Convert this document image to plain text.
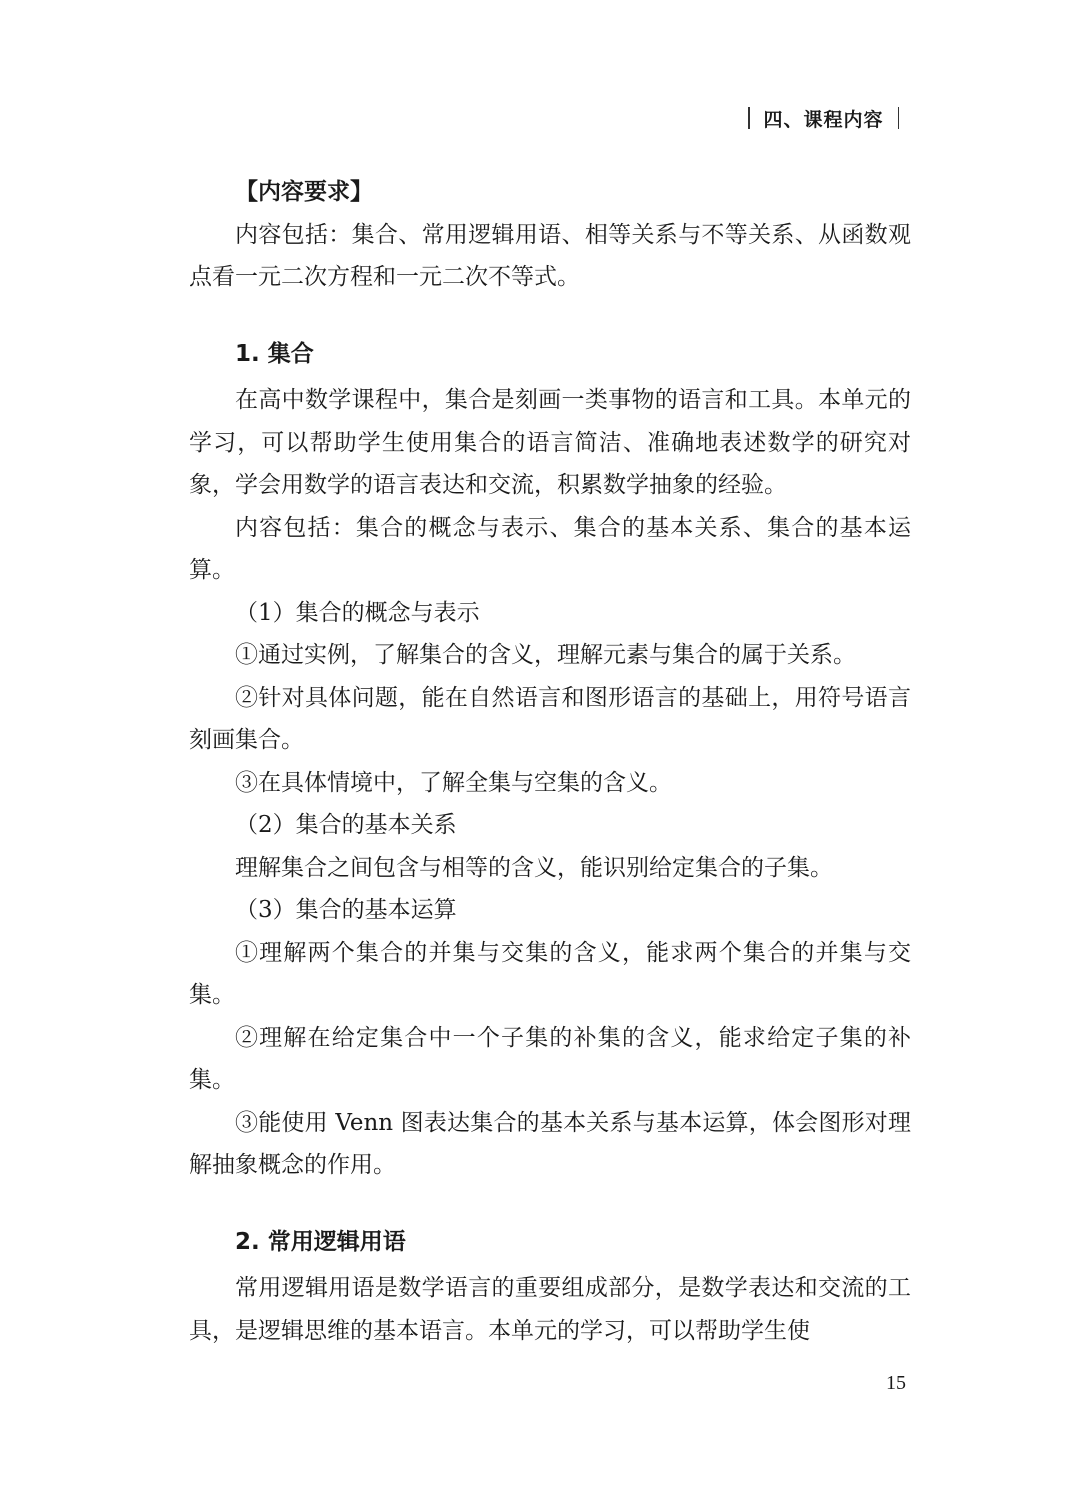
四、课程内容

【内容要求】

内容包括：集合、常用逻辑用语、相等关系与不等关系、从函数观点看一元二次方程和一元二次不等式。

1. 集合

在高中数学课程中，集合是刻画一类事物的语言和工具。本单元的学习，可以帮助学生使用集合的语言简洁、准确地表述数学的研究对象，学会用数学的语言表达和交流，积累数学抽象的经验。

内容包括：集合的概念与表示、集合的基本关系、集合的基本运算。

（1）集合的概念与表示

①通过实例，了解集合的含义，理解元素与集合的属于关系。

②针对具体问题，能在自然语言和图形语言的基础上，用符号语言刻画集合。

③在具体情境中，了解全集与空集的含义。

（2）集合的基本关系

理解集合之间包含与相等的含义，能识别给定集合的子集。

（3）集合的基本运算

①理解两个集合的并集与交集的含义，能求两个集合的并集与交集。

②理解在给定集合中一个子集的补集的含义，能求给定子集的补集。

③能使用 Venn 图表达集合的基本关系与基本运算，体会图形对理解抽象概念的作用。

2. 常用逻辑用语

常用逻辑用语是数学语言的重要组成部分，是数学表达和交流的工具，是逻辑思维的基本语言。本单元的学习，可以帮助学生使

15
